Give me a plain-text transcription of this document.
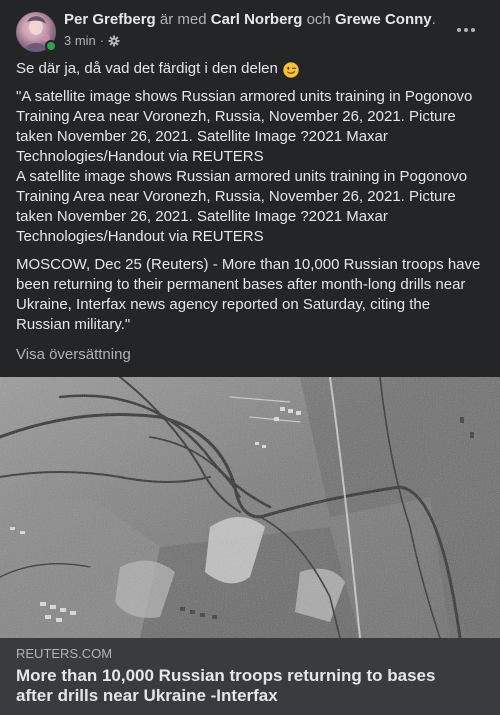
Per Grefberg är med Carl Norberg och Grewe Conny.
3 min ·

Se där ja, då vad det färdigt i den delen

"A satellite image shows Russian armored units training in Pogonovo Training Area near Voronezh, Russia, November 26, 2021. Picture taken November 26, 2021. Satellite Image ?2021 Maxar Technologies/Handout via REUTERS

A satellite image shows Russian armored units training in Pogonovo Training Area near Voronezh, Russia, November 26, 2021. Picture taken November 26, 2021. Satellite Image ?2021 Maxar Technologies/Handout via REUTERS

MOSCOW, Dec 25 (Reuters) - More than 10,000 Russian troops have been returning to their permanent bases after month-long drills near Ukraine, Interfax news agency reported on Saturday, citing the Russian military."

Visa översättning
REUTERS.COM
More than 10,000 Russian troops returning to bases after drills near Ukraine -Interfax
